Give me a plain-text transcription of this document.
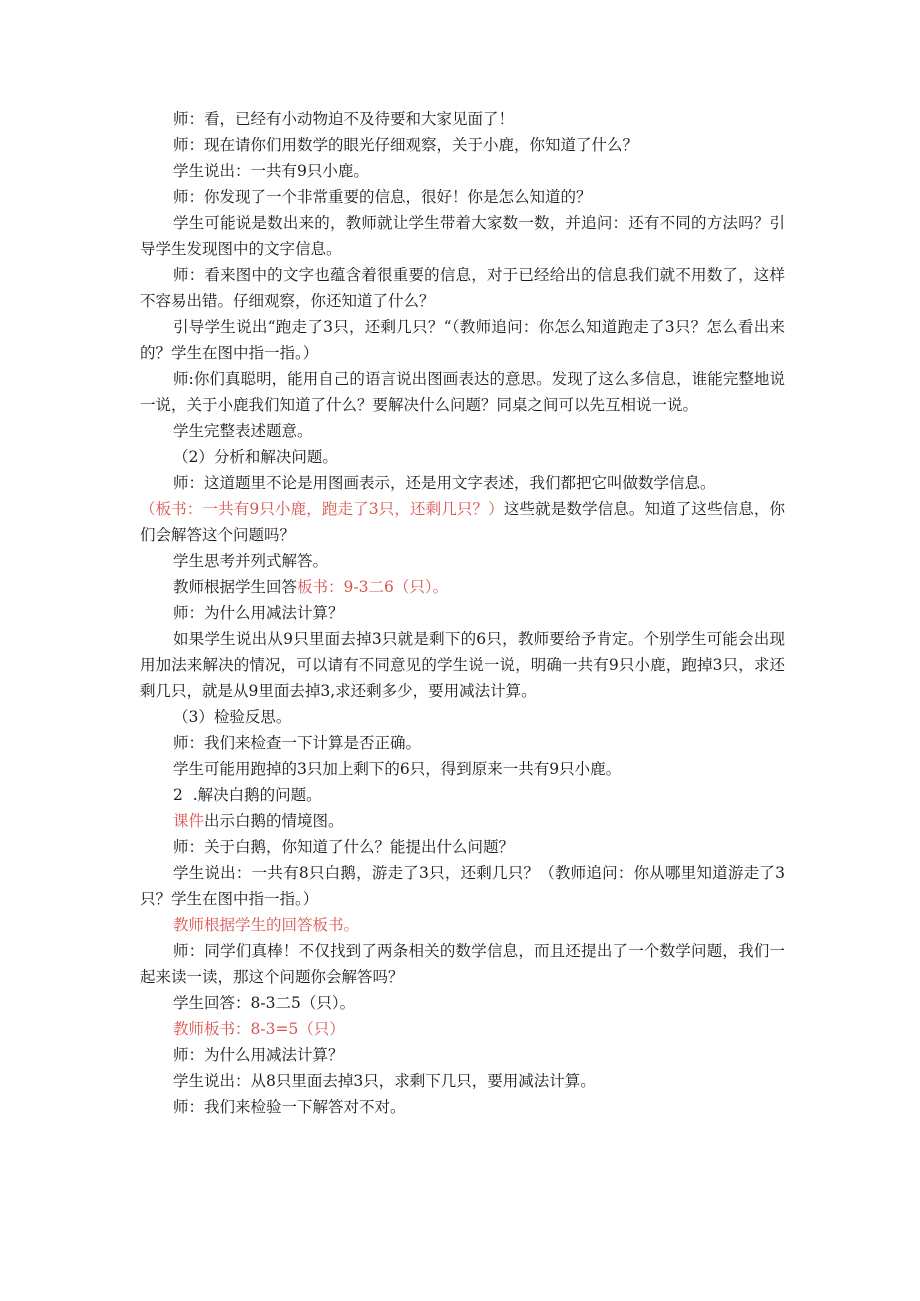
师：看，已经有小动物迫不及待要和大家见面了！

师：现在请你们用数学的眼光仔细观察，关于小鹿，你知道了什么？

学生说出：一共有9只小鹿。

师：你发现了一个非常重要的信息，很好！你是怎么知道的？

学生可能说是数出来的，教师就让学生带着大家数一数，并追问：还有不同的方法吗？引导学生发现图中的文字信息。

师：看来图中的文字也蕴含着很重要的信息，对于已经给出的信息我们就不用数了，这样不容易出错。仔细观察，你还知道了什么？

引导学生说出“跑走了3只，还剩几只？“（教师追问：你怎么知道跑走了3只？怎么看出来的？学生在图中指一指。）

师:你们真聪明，能用自己的语言说出图画表达的意思。发现了这么多信息，谁能完整地说一说，关于小鹿我们知道了什么？要解决什么问题？同桌之间可以先互相说一说。

学生完整表述题意。

（2）分析和解决问题。

师：这道题里不论是用图画表示，还是用文字表述，我们都把它叫做数学信息。

（板书：一共有9只小鹿，跑走了3只，还剩几只？）这些就是数学信息。知道了这些信息，你们会解答这个问题吗？

学生思考并列式解答。

教师根据学生回答板书：9-3二6（只）。

师：为什么用减法计算？

如果学生说出从9只里面去掉3只就是剩下的6只，教师要给予肯定。个别学生可能会出现用加法来解决的情况，可以请有不同意见的学生说一说，明确一共有9只小鹿，跑掉3只，求还剩几只，就是从9里面去掉3,求还剩多少，要用减法计算。

（3）检验反思。

师：我们来检查一下计算是否正确。

学生可能用跑掉的3只加上剩下的6只，得到原来一共有9只小鹿。

2  .解决白鹅的问题。

课件出示白鹅的情境图。

师：关于白鹅，你知道了什么？能提出什么问题？

学生说出：一共有8只白鹅，游走了3只，还剩几只？（教师追问：你从哪里知道游走了3只？学生在图中指一指。）

教师根据学生的回答板书。

师：同学们真棒！不仅找到了两条相关的数学信息，而且还提出了一个数学问题，我们一起来读一读，那这个问题你会解答吗？

学生回答：8-3二5（只）。

教师板书：8-3=5（只）

师：为什么用减法计算？

学生说出：从8只里面去掉3只，求剩下几只，要用减法计算。

师：我们来检验一下解答对不对。
